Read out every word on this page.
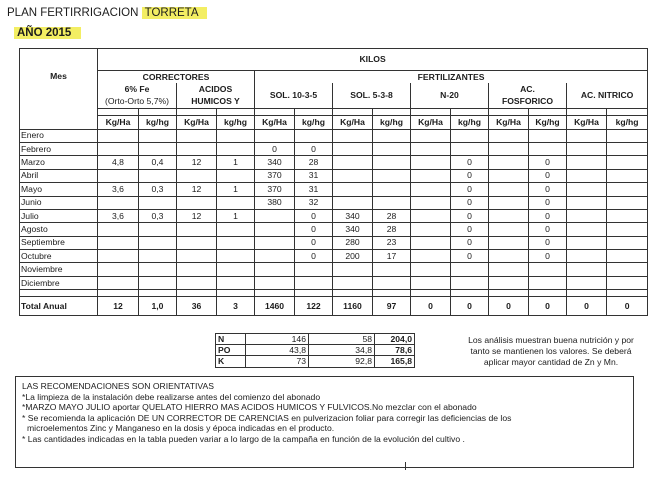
PLAN FERTIRRIGACION TORRETA
AÑO 2015
	KILOS													
Mes	CORRECTORES				FERTILIZANTES									
	6% Fe		ACIDOS		SOL. 10-3-5		SOL. 5-3-8		N-20		AC.		AC. NITRICO	
	(Orto-Orto 5,7%)		HUMICOS Y								FOSFORICO			

	Kg/Ha	kg/hg	Kg/Ha	kg/hg	Kg/Ha	kg/hg	Kg/Ha	kg/hg	Kg/Ha	kg/hg	Kg/Ha	Kg/hg	Kg/Ha	kg/hg
Enero														
Febrero					0	0								
Marzo	4,8	0,4	12	1	340	28				0		0		
Abril					370	31				0		0		
Mayo	3,6	0,3	12	1	370	31				0		0		
Junio					380	32				0		0		
Julio	3,6	0,3	12	1		0	340	28		0		0		
Agosto						0	340	28		0		0		
Septiembre						0	280	23		0		0		
Octubre						0	200	17		0		0		
Noviembre														
Diciembre														

Total Anual	12	1,0	36	3	1460	122	1160	97	0	0	0	0	0	0
N	146	58	204,0
PO	43,8	34,8	78,6
K	73	92,8	165,8
Los análisis muestran buena nutrición y por
tanto se mantienen los valores. Se deberá
aplicar mayor cantidad de Zn y Mn.
LAS RECOMENDACIONES SON ORIENTATIVAS
*La limpieza de la instalación debe realizarse antes del comienzo del abonado
*MARZO MAYO JULIO aportar QUELATO HIERRO MAS ACIDOS HUMICOS Y FULVICOS.No mezclar con el abonado
* Se recomienda la aplicación DE UN CORRECTOR DE CARENCIAS en pulverizacion foliar para corregir las deficiencias de los
microelementos Zinc y Manganeso en la dosis y época indicadas en el producto.
* Las cantidades indicadas en la tabla pueden variar a lo largo de la campaña en función de la evolución del cultivo .
